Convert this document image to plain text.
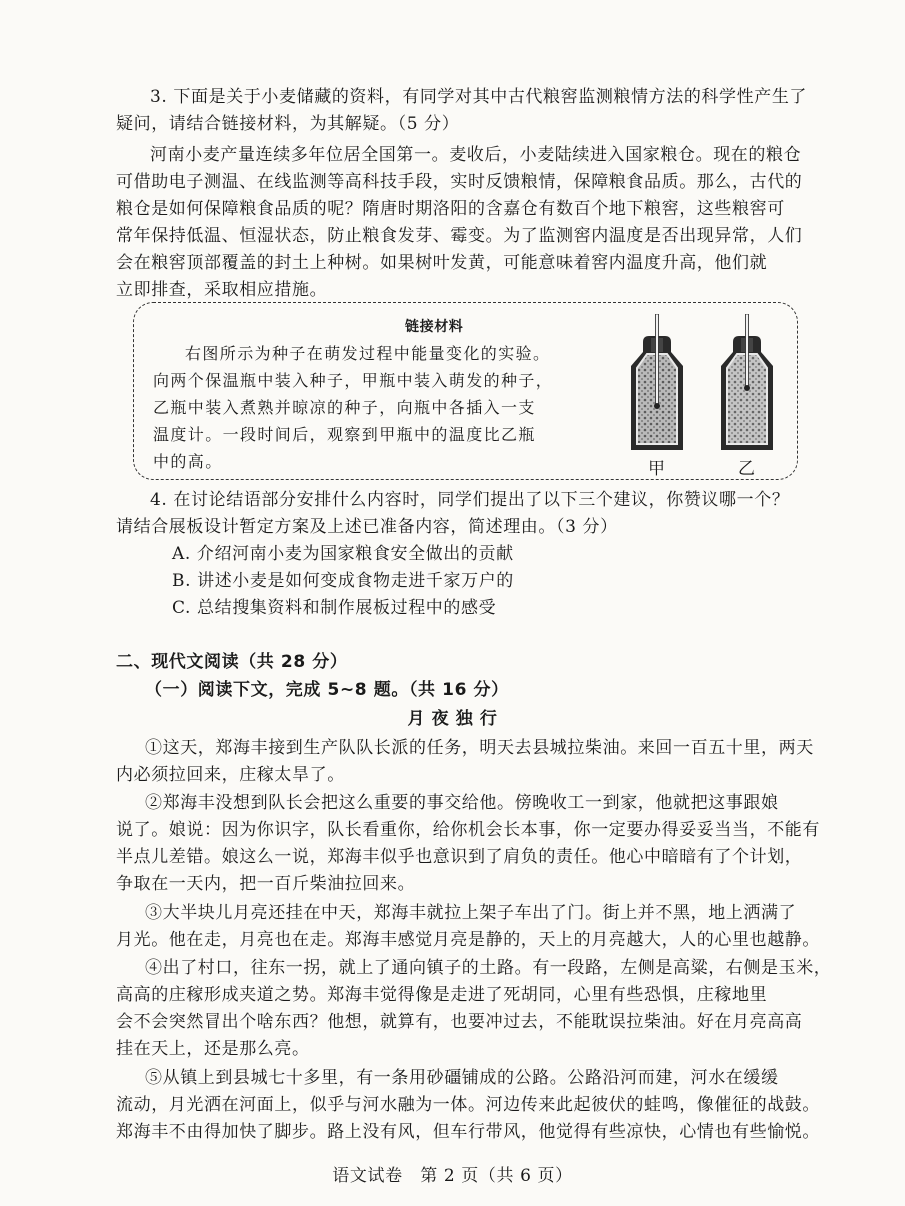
3. 下面是关于小麦储藏的资料，有同学对其中古代粮窖监测粮情方法的科学性产生了
疑问，请结合链接材料，为其解疑。（5 分）
河南小麦产量连续多年位居全国第一。麦收后，小麦陆续进入国家粮仓。现在的粮仓
可借助电子测温、在线监测等高科技手段，实时反馈粮情，保障粮食品质。那么，古代的
粮仓是如何保障粮食品质的呢？隋唐时期洛阳的含嘉仓有数百个地下粮窖，这些粮窖可
常年保持低温、恒湿状态，防止粮食发芽、霉变。为了监测窖内温度是否出现异常，人们
会在粮窖顶部覆盖的封土上种树。如果树叶发黄，可能意味着窖内温度升高，他们就
立即排查，采取相应措施。
链接材料
右图所示为种子在萌发过程中能量变化的实验。
向两个保温瓶中装入种子，甲瓶中装入萌发的种子，
乙瓶中装入煮熟并晾凉的种子，向瓶中各插入一支
温度计。一段时间后，观察到甲瓶中的温度比乙瓶
中的高。	甲	乙
4. 在讨论结语部分安排什么内容时，同学们提出了以下三个建议，你赞议哪一个？
请结合展板设计暂定方案及上述已准备内容，简述理由。（3 分）
A. 介绍河南小麦为国家粮食安全做出的贡献
B. 讲述小麦是如何变成食物走进千家万户的
C. 总结搜集资料和制作展板过程中的感受
二、现代文阅读（共 28 分）
（一）阅读下文，完成 5~8 题。（共 16 分）
月 夜 独 行
①这天，郑海丰接到生产队队长派的任务，明天去县城拉柴油。来回一百五十里，两天
内必须拉回来，庄稼太旱了。
②郑海丰没想到队长会把这么重要的事交给他。傍晚收工一到家，他就把这事跟娘
说了。娘说：因为你识字，队长看重你，给你机会长本事，你一定要办得妥妥当当，不能有
半点儿差错。娘这么一说，郑海丰似乎也意识到了肩负的责任。他心中暗暗有了个计划，
争取在一天内，把一百斤柴油拉回来。
③大半块儿月亮还挂在中天，郑海丰就拉上架子车出了门。街上并不黑，地上洒满了
月光。他在走，月亮也在走。郑海丰感觉月亮是静的，天上的月亮越大，人的心里也越静。
④出了村口，往东一拐，就上了通向镇子的土路。有一段路，左侧是高粱，右侧是玉米，
高高的庄稼形成夹道之势。郑海丰觉得像是走进了死胡同，心里有些恐惧，庄稼地里
会不会突然冒出个啥东西？他想，就算有，也要冲过去，不能耽误拉柴油。好在月亮高高
挂在天上，还是那么亮。
⑤从镇上到县城七十多里，有一条用砂礓铺成的公路。公路沿河而建，河水在缓缓
流动，月光洒在河面上，似乎与河水融为一体。河边传来此起彼伏的蛙鸣，像催征的战鼓。
郑海丰不由得加快了脚步。路上没有风，但车行带风，他觉得有些凉快，心情也有些愉悦。
语文试卷　第 2 页（共 6 页）
